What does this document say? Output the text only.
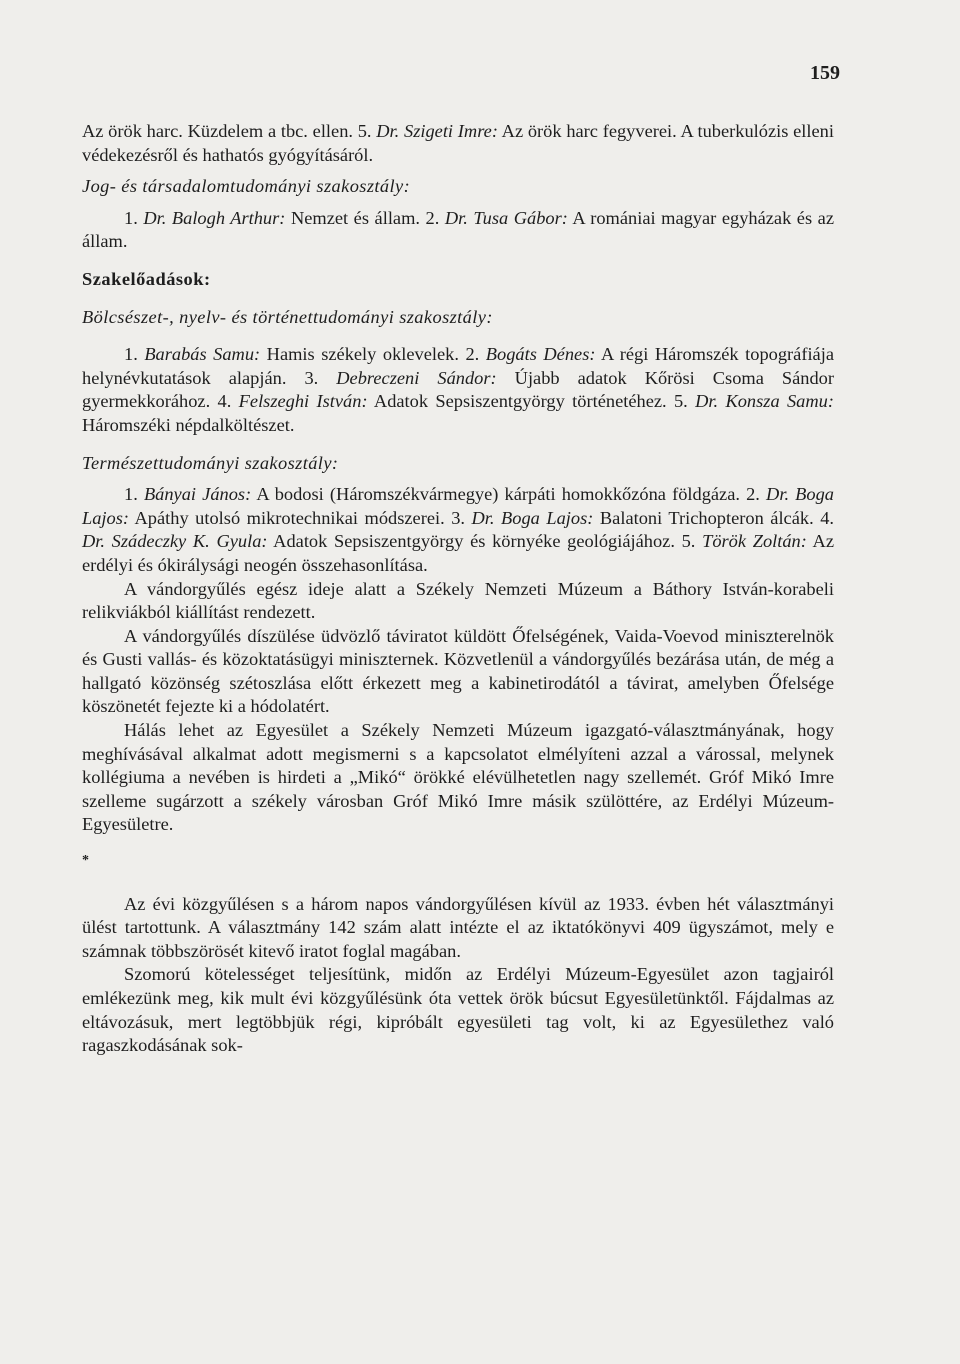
159

Az örök harc. Küzdelem a tbc. ellen. 5. Dr. Szigeti Imre: Az örök harc fegyverei. A tuberkulózis elleni védekezésről és hathatós gyógyításáról.

Jog- és társadalomtudományi szakosztály:

1. Dr. Balogh Arthur: Nemzet és állam. 2. Dr. Tusa Gábor: A romániai magyar egyházak és az állam.

Szakelőadások:

Bölcsészet-, nyelv- és történettudományi szakosztály:

1. Barabás Samu: Hamis székely oklevelek. 2. Bogáts Dénes: A régi Háromszék topográfiája helynévkutatások alapján. 3. Debreczeni Sándor: Újabb adatok Kőrösi Csoma Sándor gyermekkorához. 4. Felszeghi István: Adatok Sepsiszentgyörgy történetéhez. 5. Dr. Konsza Samu: Háromszéki népdalköltészet.

Természettudományi szakosztály:

1. Bányai János: A bodosi (Háromszékvármegye) kárpáti homokkőzóna földgáza. 2. Dr. Boga Lajos: Apáthy utolsó mikrotechnikai módszerei. 3. Dr. Boga Lajos: Balatoni Trichopteron álcák. 4. Dr. Szádeczky K. Gyula: Adatok Sepsiszentgyörgy és környéke geológiájához. 5. Török Zoltán: Az erdélyi és ókirálysági neogén összehasonlítása.

A vándorgyűlés egész ideje alatt a Székely Nemzeti Múzeum a Báthory István-korabeli relikviákból kiállítást rendezett.

A vándorgyűlés díszülése üdvözlő táviratot küldött Őfelségének, Vaida-Voevod miniszterelnök és Gusti vallás- és közoktatásügyi miniszternek. Közvetlenül a vándorgyűlés bezárása után, de még a hallgató közönség szétoszlása előtt érkezett meg a kabinetirodától a távirat, amelyben Őfelsége köszönetét fejezte ki a hódolatért.

Hálás lehet az Egyesület a Székely Nemzeti Múzeum igazgató-választmányának, hogy meghívásával alkalmat adott megismerni s a kapcsolatot elmélyíteni azzal a várossal, melynek kollégiuma a nevében is hirdeti a „Mikó“ örökké elévülhetetlen nagy szellemét. Gróf Mikó Imre szelleme sugárzott a székely városban Gróf Mikó Imre másik szülöttére, az Erdélyi Múzeum-Egyesületre.

*

Az évi közgyűlésen s a három napos vándorgyűlésen kívül az 1933. évben hét választmányi ülést tartottunk. A választmány 142 szám alatt intézte el az iktatókönyvi 409 ügyszámot, mely e számnak többszörösét kitevő iratot foglal magában.

Szomorú kötelességet teljesítünk, midőn az Erdélyi Múzeum-Egyesület azon tagjairól emlékezünk meg, kik mult évi közgyűlésünk óta vettek örök búcsut Egyesületünktől. Fájdalmas az eltávozásuk, mert legtöbbjük régi, kipróbált egyesületi tag volt, ki az Egyesülethez való ragaszkodásának sok-
